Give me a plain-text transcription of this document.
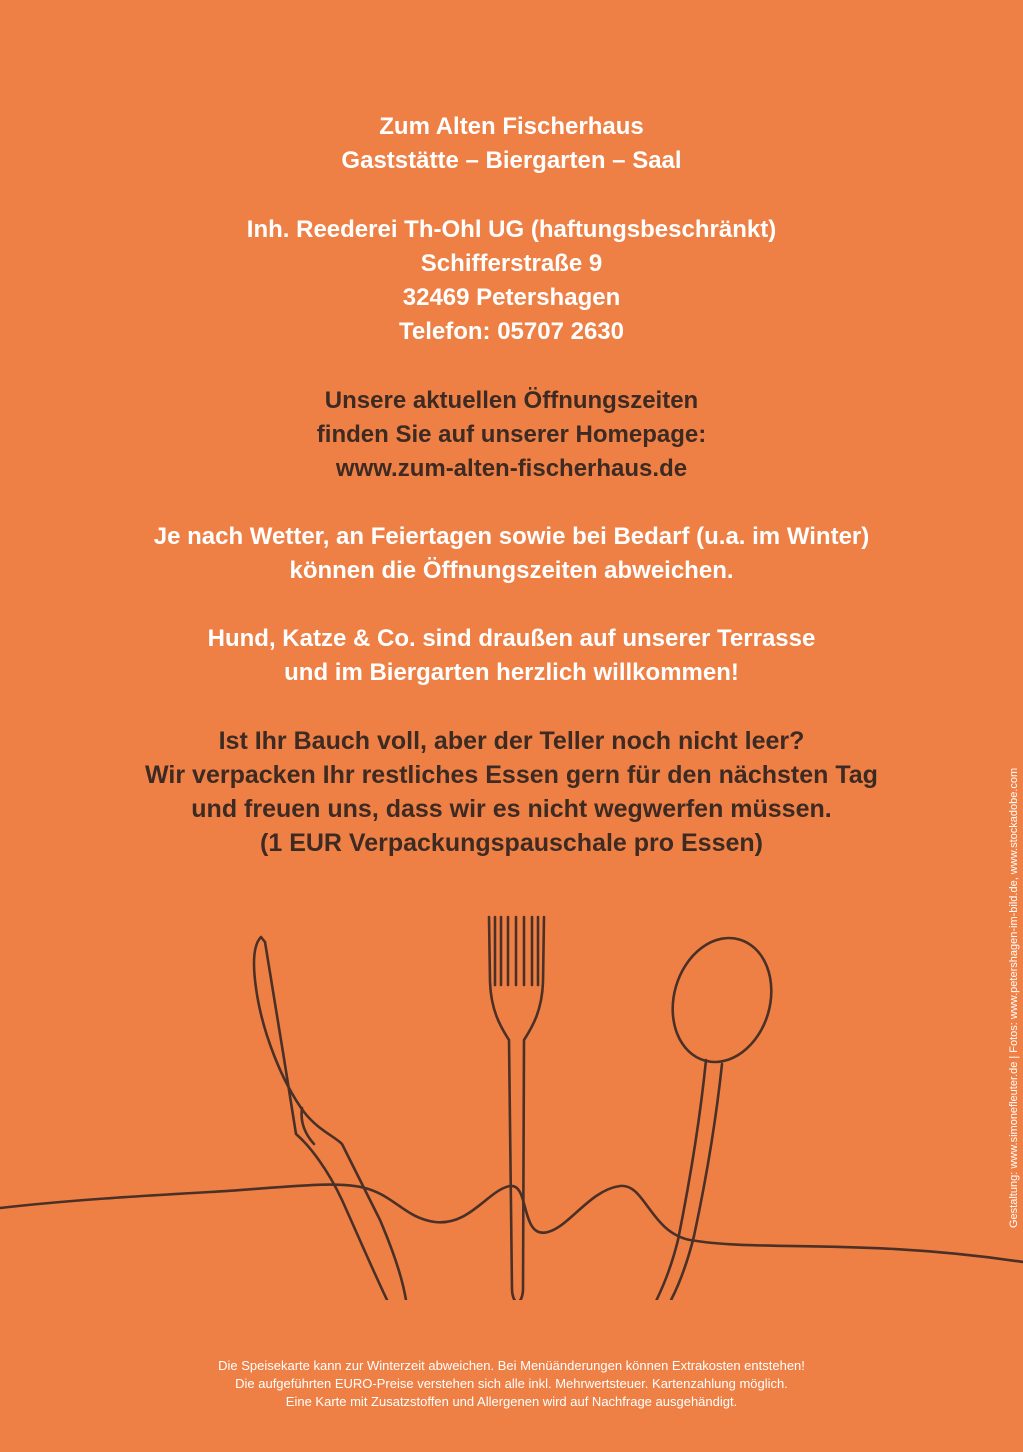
Zum Alten Fischerhaus
Gaststätte – Biergarten – Saal
Inh. Reederei Th-Ohl UG (haftungsbeschränkt)
Schifferstraße 9
32469 Petershagen
Telefon: 05707 2630
Unsere aktuellen Öffnungszeiten
finden Sie auf unserer Homepage:
www.zum-alten-fischerhaus.de
Je nach Wetter, an Feiertagen sowie bei Bedarf (u.a. im Winter)
können die Öffnungszeiten abweichen.
Hund, Katze & Co. sind draußen auf unserer Terrasse
und im Biergarten herzlich willkommen!
Ist Ihr Bauch voll, aber der Teller noch nicht leer?
Wir verpacken Ihr restliches Essen gern für den nächsten Tag
und freuen uns, dass wir es nicht wegwerfen müssen.
(1 EUR Verpackungspauschale pro Essen)
Die Speisekarte kann zur Winterzeit abweichen. Bei Menüänderungen können Extrakosten entstehen!
Die aufgeführten EURO-Preise verstehen sich alle inkl. Mehrwertsteuer. Kartenzahlung möglich.
Eine Karte mit Zusatzstoffen und Allergenen wird auf Nachfrage ausgehändigt.
Gestaltung: www.simonefleuter.de | Fotos: www.petershagen-im-bild.de, www.stockadobe.com
